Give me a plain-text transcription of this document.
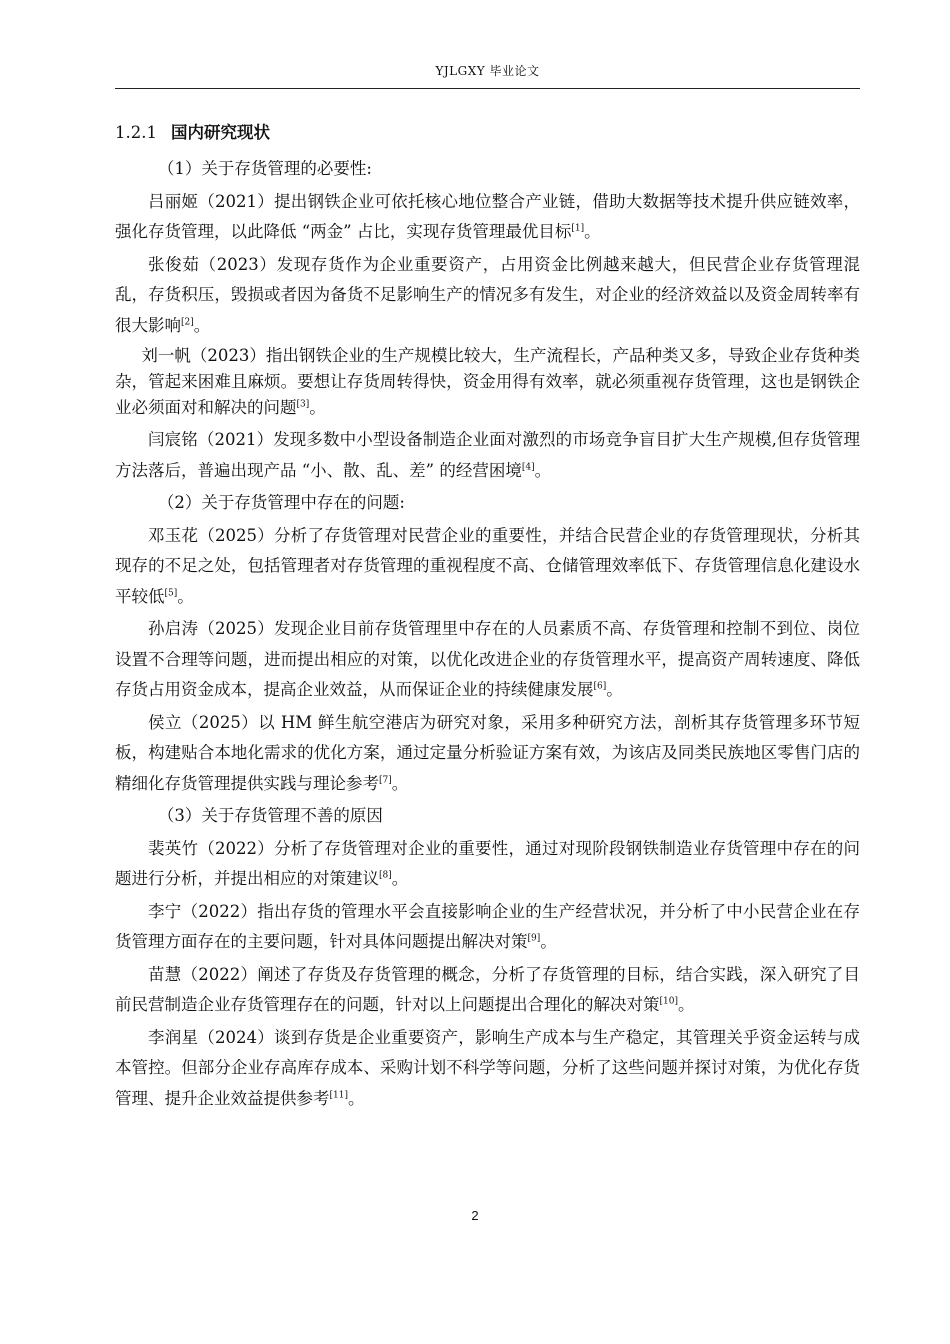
YJLGXY 毕业论文
1.2.1 国内研究现状

（1）关于存货管理的必要性:

吕丽姬（2021）提出钢铁企业可依托核心地位整合产业链，借助大数据等技术提升供应链效率，强化存货管理，以此降低 “两金” 占比，实现存货管理最优目标[1]。

张俊茹（2023）发现存货作为企业重要资产，占用资金比例越来越大，但民营企业存货管理混乱，存货积压，毁损或者因为备货不足影响生产的情况多有发生，对企业的经济效益以及资金周转率有很大影响[2]。

刘一帆（2023）指出钢铁企业的生产规模比较大，生产流程长，产品种类又多，导致企业存货种类杂，管起来困难且麻烦。要想让存货周转得快，资金用得有效率，就必须重视存货管理，这也是钢铁企业必须面对和解决的问题[3]。

闫宸铭（2021）发现多数中小型设备制造企业面对激烈的市场竞争盲目扩大生产规模,但存货管理方法落后，普遍出现产品 “小、散、乱、差” 的经营困境[4]。

（2）关于存货管理中存在的问题:

邓玉花（2025）分析了存货管理对民营企业的重要性，并结合民营企业的存货管理现状，分析其现存的不足之处，包括管理者对存货管理的重视程度不高、仓储管理效率低下、存货管理信息化建设水平较低[5]。

孙启涛（2025）发现企业目前存货管理里中存在的人员素质不高、存货管理和控制不到位、岗位设置不合理等问题，进而提出相应的对策，以优化改进企业的存货管理水平，提高资产周转速度、降低存货占用资金成本，提高企业效益，从而保证企业的持续健康发展[6]。

侯立（2025）以 HM 鲜生航空港店为研究对象，采用多种研究方法，剖析其存货管理多环节短板，构建贴合本地化需求的优化方案，通过定量分析验证方案有效，为该店及同类民族地区零售门店的精细化存货管理提供实践与理论参考[7]。

（3）关于存货管理不善的原因

裴英竹（2022）分析了存货管理对企业的重要性，通过对现阶段钢铁制造业存货管理中存在的问题进行分析，并提出相应的对策建议[8]。

李宁（2022）指出存货的管理水平会直接影响企业的生产经营状况，并分析了中小民营企业在存货管理方面存在的主要问题，针对具体问题提出解决对策[9]。

苗慧（2022）阐述了存货及存货管理的概念，分析了存货管理的目标，结合实践，深入研究了目前民营制造企业存货管理存在的问题，针对以上问题提出合理化的解决对策[10]。

李润星（2024）谈到存货是企业重要资产，影响生产成本与生产稳定，其管理关乎资金运转与成本管控。但部分企业存高库存成本、采购计划不科学等问题，分析了这些问题并探讨对策，为优化存货管理、提升企业效益提供参考[11]。

2
